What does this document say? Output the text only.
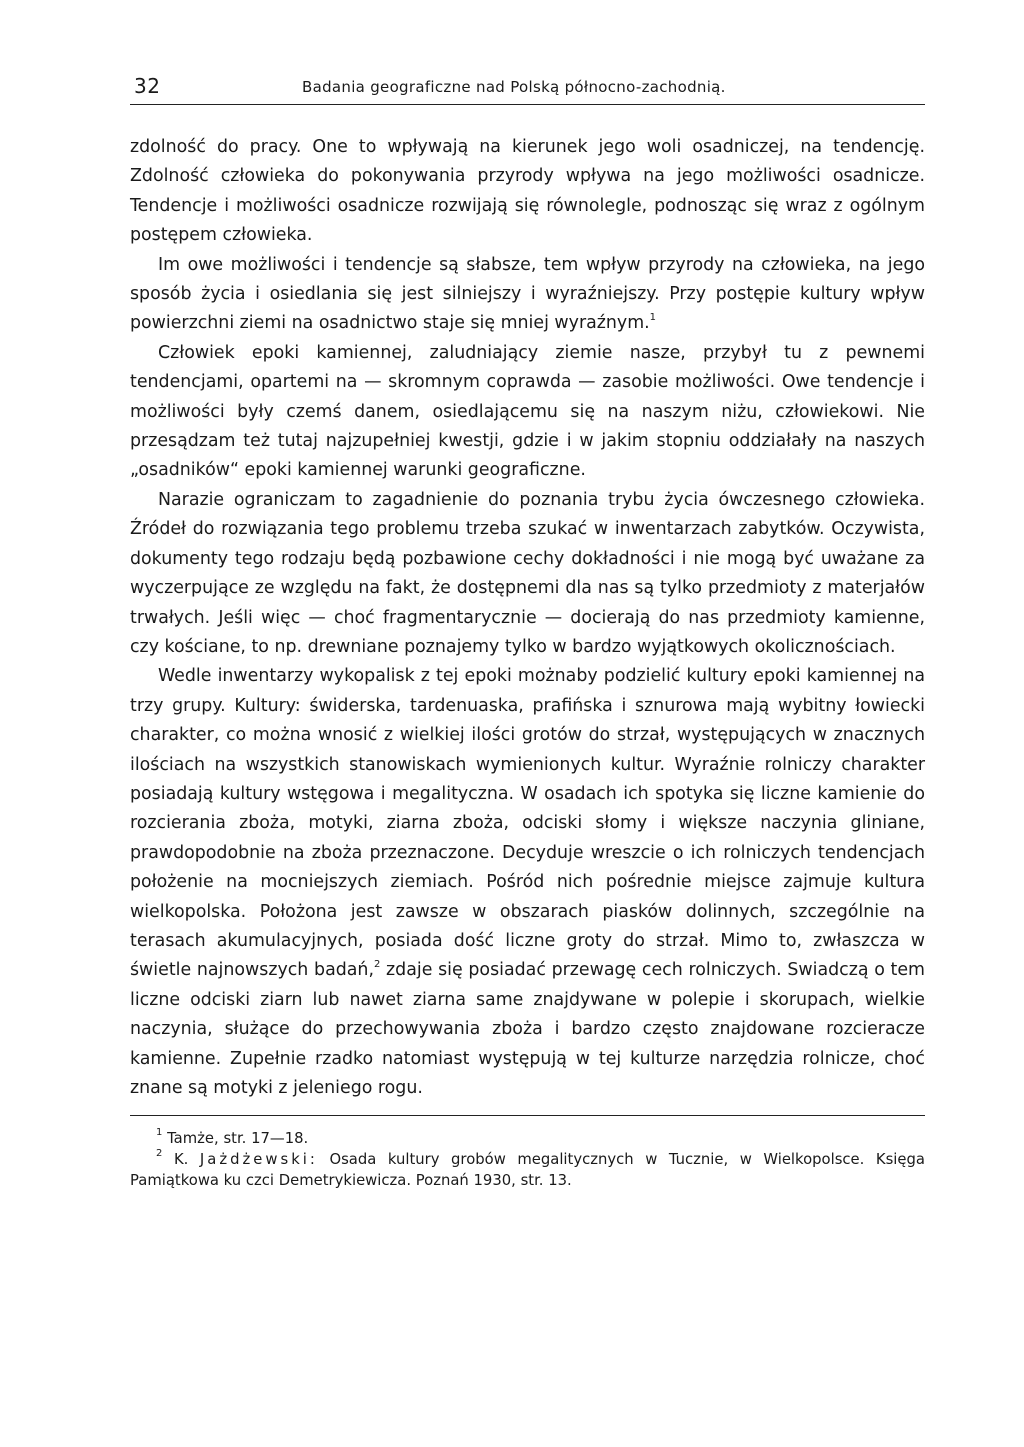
32	Badania geograficzne nad Polską północno-zachodnią.

zdolność do pracy. One to wpływają na kierunek jego woli osadniczej, na tendencję. Zdolność człowieka do pokonywania przyrody wpływa na jego możliwości osadnicze. Tendencje i możliwości osadnicze rozwijają się równolegle, podnosząc się wraz z ogólnym postępem człowieka.

Im owe możliwości i tendencje są słabsze, tem wpływ przyrody na człowieka, na jego sposób życia i osiedlania się jest silniejszy i wyraźniejszy. Przy postępie kultury wpływ powierzchni ziemi na osadnictwo staje się mniej wyraźnym.$^1$

Człowiek epoki kamiennej, zaludniający ziemie nasze, przybył tu z pewnemi tendencjami, opartemi na — skromnym coprawda — zasobie możliwości. Owe tendencje i możliwości były czemś danem, osiedlającemu się na naszym niżu, człowiekowi. Nie przesądzam też tutaj najzupełniej kwestji, gdzie i w jakim stopniu oddziałały na naszych „osadników“ epoki kamiennej warunki geograficzne.

Narazie ograniczam to zagadnienie do poznania trybu życia ówczesnego człowieka. Źródeł do rozwiązania tego problemu trzeba szukać w inwentarzach zabytków. Oczywista, dokumenty tego rodzaju będą pozbawione cechy dokładności i nie mogą być uważane za wyczerpujące ze względu na fakt, że dostępnemi dla nas są tylko przedmioty z materjałów trwałych. Jeśli więc — choć fragmentarycznie — docierają do nas przedmioty kamienne, czy kościane, to np. drewniane poznajemy tylko w bardzo wyjątkowych okolicznościach.

Wedle inwentarzy wykopalisk z tej epoki możnaby podzielić kultury epoki kamiennej na trzy grupy. Kultury: świderska, tardenuaska, prafińska i sznurowa mają wybitny łowiecki charakter, co można wnosić z wielkiej ilości grotów do strzał, występujących w znacznych ilościach na wszystkich stanowiskach wymienionych kultur. Wyraźnie rolniczy charakter posiadają kultury wstęgowa i megalityczna. W osadach ich spotyka się liczne kamienie do rozcierania zboża, motyki, ziarna zboża, odciski słomy i większe naczynia gliniane, prawdopodobnie na zboża przeznaczone. Decyduje wreszcie o ich rolniczych tendencjach położenie na mocniejszych ziemiach. Pośród nich pośrednie miejsce zajmuje kultura wielkopolska. Położona jest zawsze w obszarach piasków dolinnych, szczególnie na terasach akumulacyjnych, posiada dość liczne groty do strzał. Mimo to, zwłaszcza w świetle najnowszych badań,$^2$ zdaje się posiadać przewagę cech rolniczych. Swiadczą o tem liczne odciski ziarn lub nawet ziarna same znajdywane w polepie i skorupach, wielkie naczynia, służące do przechowywania zboża i bardzo często znajdowane rozcieracze kamienne. Zupełnie rzadko natomiast występują w tej kulturze narzędzia rolnicze, choć znane są motyki z jeleniego rogu.

$^1$ Tamże, str. 17—18.

$^2$ K. Jażdżewski: Osada kultury grobów megalitycznych w Tucznie, w Wielkopolsce. Księga Pamiątkowa ku czci Demetrykiewicza. Poznań 1930, str. 13.
